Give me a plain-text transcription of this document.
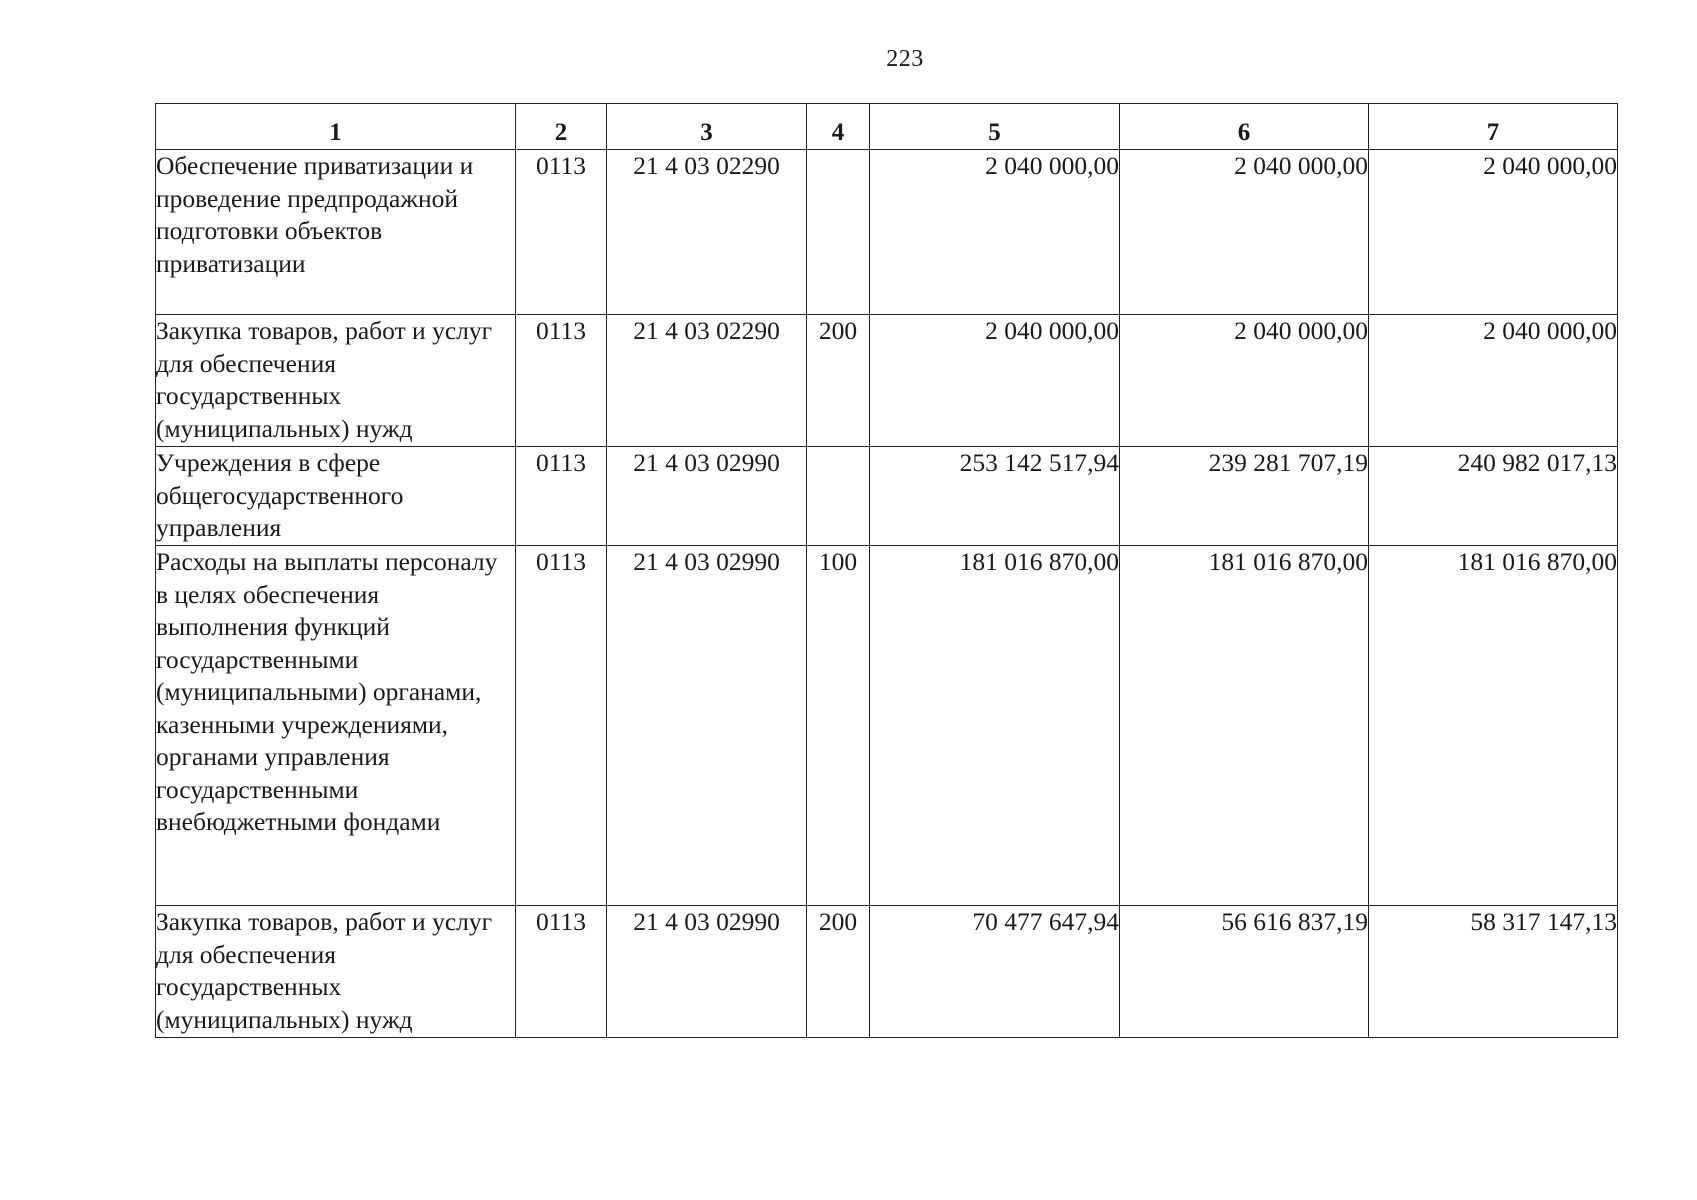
223
1	2	3	4	5	6	7
Обеспечение приватизации и проведение предпродажной подготовки объектов приватизации	0113	21 4 03 02290		2 040 000,00	2 040 000,00	2 040 000,00
Закупка товаров, работ и услуг для обеспечения государственных (муниципальных) нужд	0113	21 4 03 02290	200	2 040 000,00	2 040 000,00	2 040 000,00
Учреждения в сфере общегосударственного управления	0113	21 4 03 02990		253 142 517,94	239 281 707,19	240 982 017,13
Расходы на выплаты персоналу в целях обеспечения выполнения функций государственными (муниципальными) органами, казенными учреждениями, органами управления государственными внебюджетными фондами	0113	21 4 03 02990	100	181 016 870,00	181 016 870,00	181 016 870,00
Закупка товаров, работ и услуг для обеспечения государственных (муниципальных) нужд	0113	21 4 03 02990	200	70 477 647,94	56 616 837,19	58 317 147,13
